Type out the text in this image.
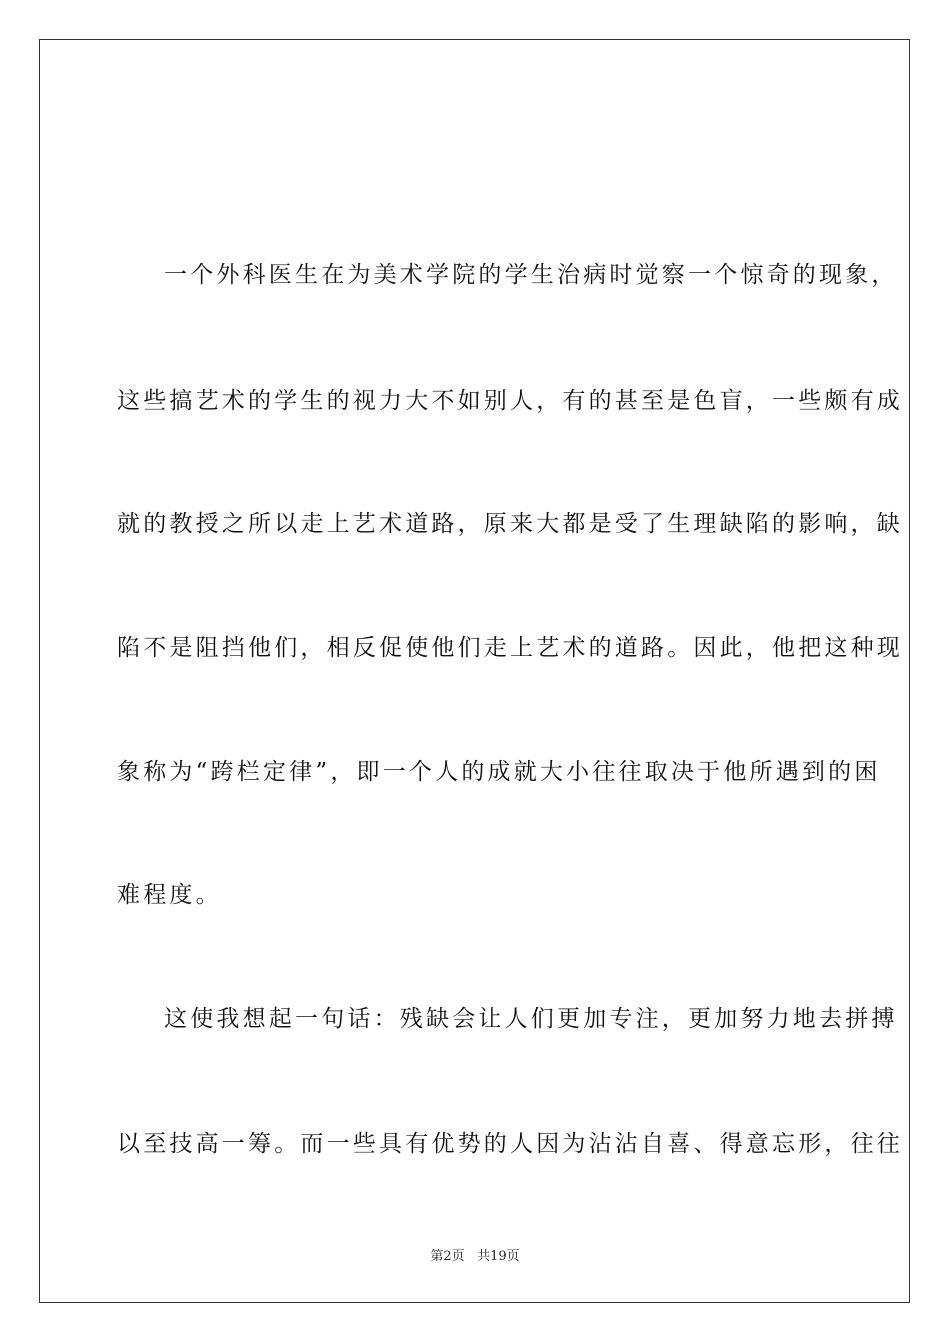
一个外科医生在为美术学院的学生治病时觉察一个惊奇的现象，
这些搞艺术的学生的视力大不如别人，有的甚至是色盲，一些颇有成
就的教授之所以走上艺术道路，原来大都是受了生理缺陷的影响，缺
陷不是阻挡他们，相反促使他们走上艺术的道路。因此，他把这种现
象称为“跨栏定律”，即一个人的成就大小往往取决于他所遇到的困
难程度。
这使我想起一句话：残缺会让人们更加专注，更加努力地去拼搏
以至技高一筹。而一些具有优势的人因为沾沾自喜、得意忘形，往往
第2页 共19页
